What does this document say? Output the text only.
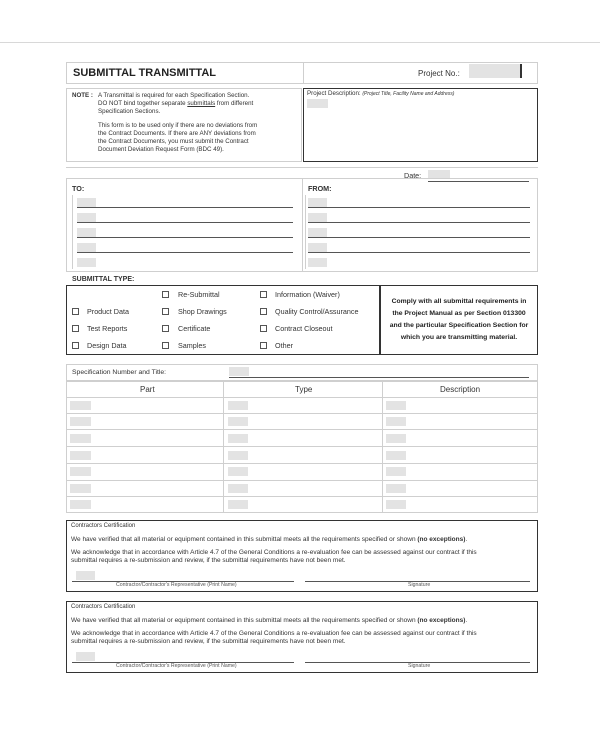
SUBMITTAL TRANSMITTAL	Project No.:
NOTE : A Transmittal is required for each Specification Section.
DO NOT bind together separate submittals from different
Specification Sections.
This form is to be used only if there are no deviations from
the Contract Documents. If there are ANY deviations from
the Contract Documents, you must submit the Contract
Document Deviation Request Form (BDC 49).
Project Description: (Project Title, Facility Name and Address)
Date:
TO:	FROM:
SUBMITTAL TYPE:
Product Data
Test Reports
Design Data
Re-Submittal
Shop Drawings
Certificate
Samples
Information (Waiver)
Quality Control/Assurance
Contract Closeout
Other
Comply with all submittal requirements in
the Project Manual as per Section 013300
and the particular Specification Section for
which you are transmitting material.
Specification Number and Title:
Part	Type	Description
Contractors Certification
We have verified that all material or equipment contained in this submittal meets all the requirements specified or shown (no exceptions).
We acknowledge that in accordance with Article 4.7 of the General Conditions a re-evaluation fee can be assessed against our contract if this
submittal requires a re-submission and review, if the submittal requirements have not been met.
Contractor/Contractor's Representative (Print Name)	Signature
Contractors Certification
We have verified that all material or equipment contained in this submittal meets all the requirements specified or shown (no exceptions).
We acknowledge that in accordance with Article 4.7 of the General Conditions a re-evaluation fee can be assessed against our contract if this
submittal requires a re-submission and review, if the submittal requirements have not been met.
Contractor/Contractor's Representative (Print Name)	Signature
